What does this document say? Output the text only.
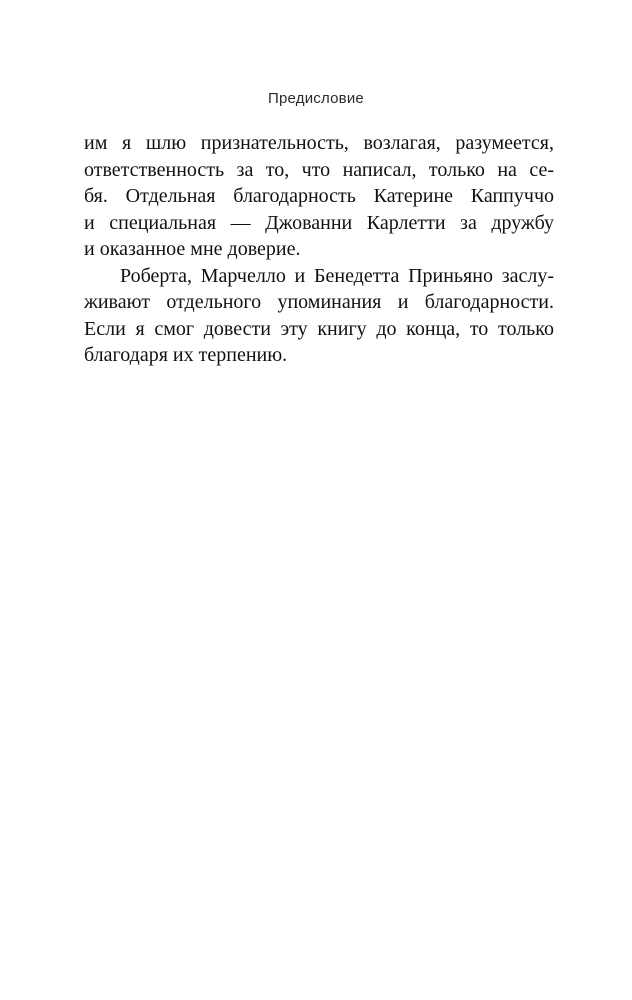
Предисловие
им я шлю признательность, возлагая, разумеется,
ответственность за то, что написал, только на се-
бя. Отдельная благодарность Катерине Каппуччо
и специальная — Джованни Карлетти за дружбу
и оказанное мне доверие.
Роберта, Марчелло и Бенедетта Приньяно заслу-
живают отдельного упоминания и благодарности.
Если я смог довести эту книгу до конца, то только
благодаря их терпению.
